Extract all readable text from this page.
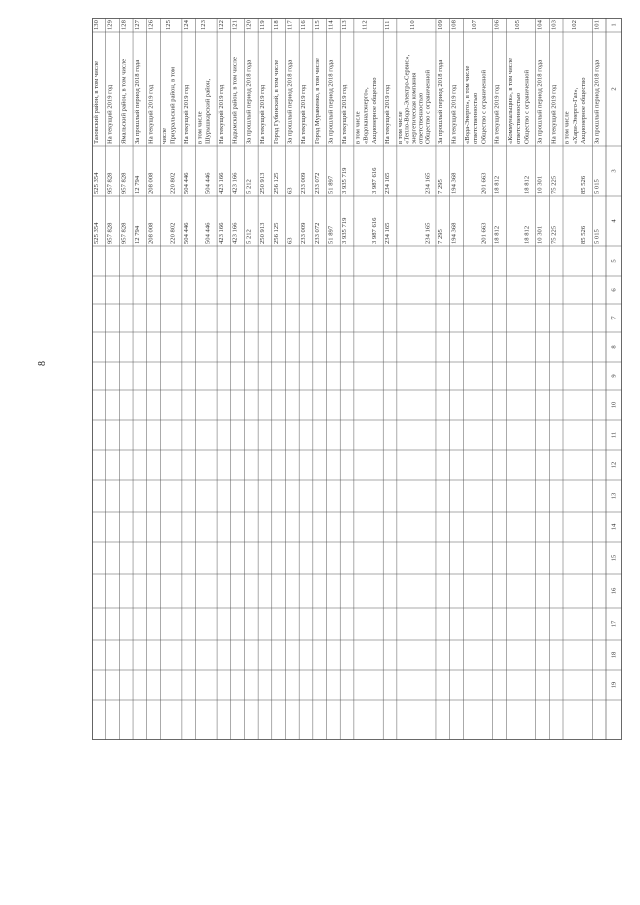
8
1
2
3
4
5
6
7
8
9
10
11
12
13
14
15
16
17
18
19
101
За прошлый период 2018 года
5 015
5 015
102
Акционерное общество
«Хари-Энерго-Газ»,
в том числе
85 526
85 526
103
На текущий 2019 год
75 225
75 225
104
За прошлый период 2018 года
10 301
10 301
105
Общество с ограниченной
ответственностью
«Коммунальщик», в том числе
18 812
18 812
106
На текущий 2019 год
18 812
18 812
107
Общество с ограниченной
ответственностью
«Вода-Энерго», в том числе
201 663
201 663
108
На текущий 2019 год
194 368
194 368
109
За прошлый период 2018 года
7 295
7 295
110
Общество с ограниченной
ответственностью
энергетическая компания
«Тепло-Водо-Электро-Сервис»,
в том числе
234 165
234 165
111
На текущий 2019 год
234 165
234 165
112
Акционерное общество
«Водоканалэнерго»,
в том числе
3 987 616
3 987 616
113
На текущий 2019 год
3 935 719
3 935 719
114
За прошлый период 2018 года
51 897
51 897
115
Город Мураменко, в том числе
233 072
233 072
116
На текущий 2019 год
233 009
233 009
117
За прошлый период 2018 года
63
63
118
Город Губинский, в том числе
256 125
256 125
119
На текущий 2019 год
250 913
250 913
120
За прошлый период 2018 года
5 212
5 212
121
Надымский район, в том числе
423 166
423 166
122
На текущий 2019 год
423 166
423 166
123
Шурышкарский район,
в том числе
504 446
504 446
124
На текущий 2019 год
504 446
504 446
125
Приуральский район, в том
числе
220 802
220 802
126
На текущий 2019 год
208 008
208 008
127
За прошлый период 2018 года
12 794
12 794
128
Ямальский район, в том числе
957 828
957 828
129
На текущий 2019 год
957 828
957 828
130
Тазовский район, в том числе
525 354
525 354
